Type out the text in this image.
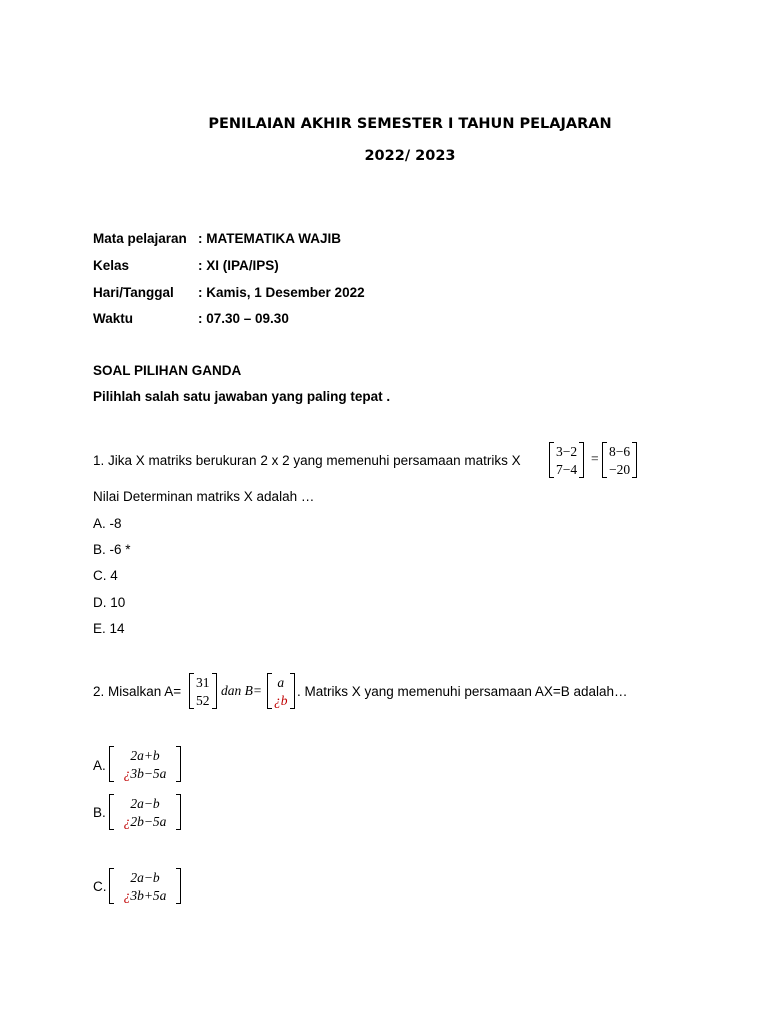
PENILAIAN AKHIR SEMESTER I TAHUN PELAJARAN
2022/ 2023
Mata pelajaran : MATEMATIKA WAJIB
Kelas	: XI (IPA/IPS)
Hari/Tanggal : Kamis, 1 Desember 2022
Waktu	: 07.30 – 09.30
SOAL PILIHAN GANDA
Pilihlah salah satu jawaban yang paling tepat .
1. Jika X matriks berukuran 2 x 2 yang memenuhi persamaan matriks X
3−2
7−4
= 8−6
−20
Nilai Determinan matriks X adalah …
A. -8
B. -6 *
C. 4
D. 10
E. 14
2. Misalkan A=
31
52
dan B=
a
¿b
. Matriks X yang memenuhi persamaan AX=B adalah…
A.
2a+b
¿3b−5a
B.
2a−b
¿2b−5a
C.
2a−b
¿3b+5a
